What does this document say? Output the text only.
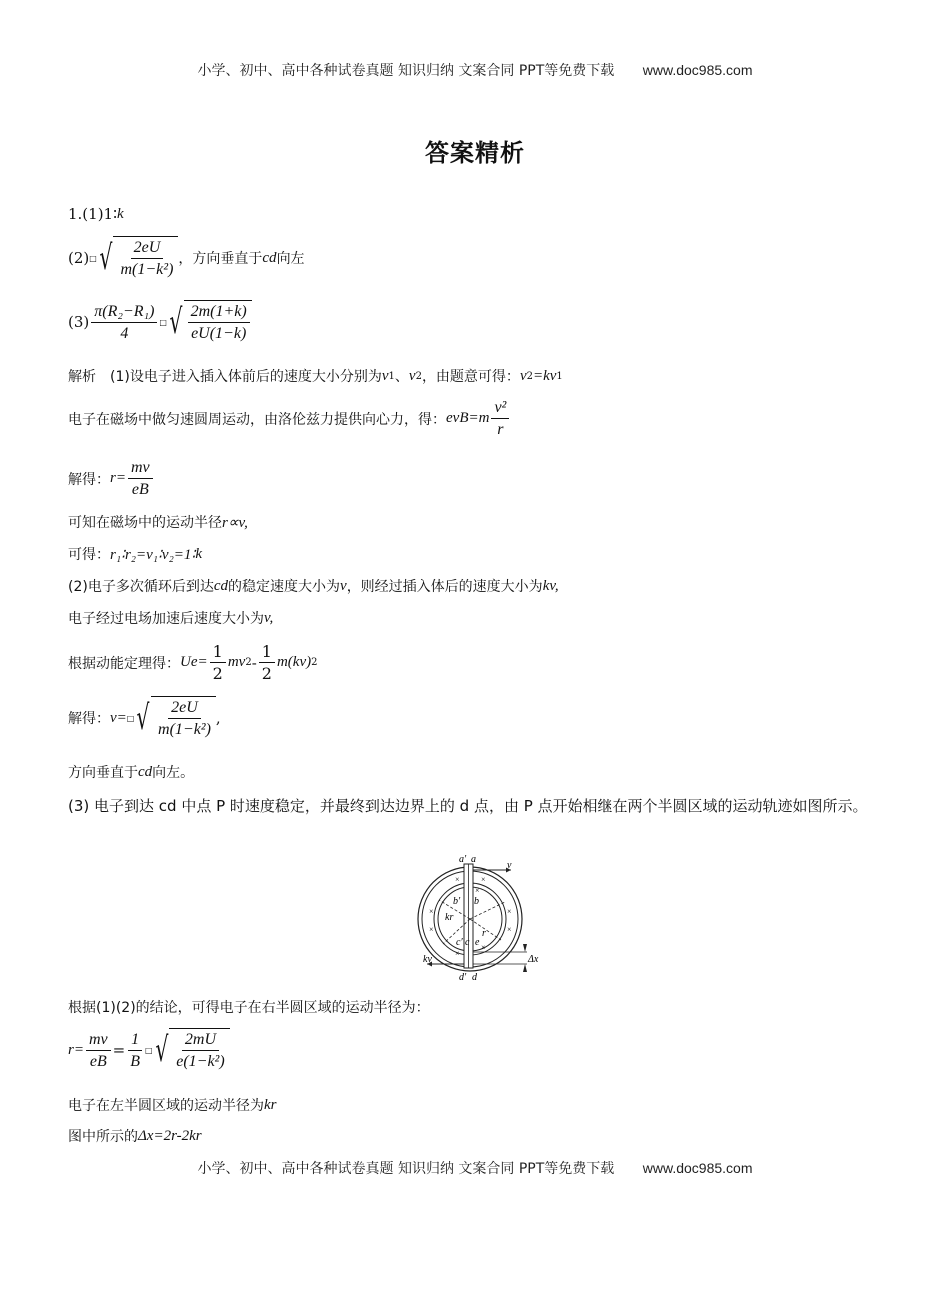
小学、初中、高中各种试卷真题 知识归纳 文案合同 PPT等免费下载 www.doc985.com
答案精析
1.(1)1∶ k
(2) □ √ $\frac{2eU}{\text{m(1−k²)}}$ ，方向垂直于 cd 向左
$(3) \frac{\text{π(R₂−R₁)}}{4}$ □ √ $\frac{2m(1+k)}{eU(1-k)}$
解析 (1)设电子进入插入体前后的速度大小分别为 v 1 、 v 2 ，由题意可得： v 2 =kv 1
电子在磁场中做匀速圆周运动，由洛伦兹力提供向心力，得： $evB=m \frac{\text{v²}}{r}$
解得： $r= \frac{mv}{eB}$
可知在磁场中的运动半径 r∝v,
可得： r₁∶r₂=v₁∶v₂=1∶ k
(2)电子多次循环后到达 cd 的稳定速度大小为 v ，则经过插入体后的速度大小为 kv,
电子经过电场加速后速度大小为 v,
根据动能定理得： $Ue= \frac{1}{2}$ mv $2 - \frac{1}{2} m(kv)$ 2
解得： v= □ √ $\frac{2eU}{\text{m(1−k²)}}$ ,
方向垂直于 cd 向左。
(3) 电子到达 cd 中点 P 时速度稳定，并最终到达边界上的 d 点，由 P 点开始相继在两个半圆区域的运动轨迹如图所示。
×	×
×	×
×	×
×
×
×
a′ a
v
b′ b
kr
r
c′ c e
kv	Δx
d′ d
根据(1)(2)的结论，可得电子在右半圆区域的运动半径为：
$r= \frac{mv}{eB} = \frac{1}{B}$ □ √ $\frac{2mU}{\text{e(1−k²)}}$
电子在左半圆区域的运动半径为 kr
图中所示的 Δx=2r-2kr
小学、初中、高中各种试卷真题 知识归纳 文案合同 PPT等免费下载 www.doc985.com
